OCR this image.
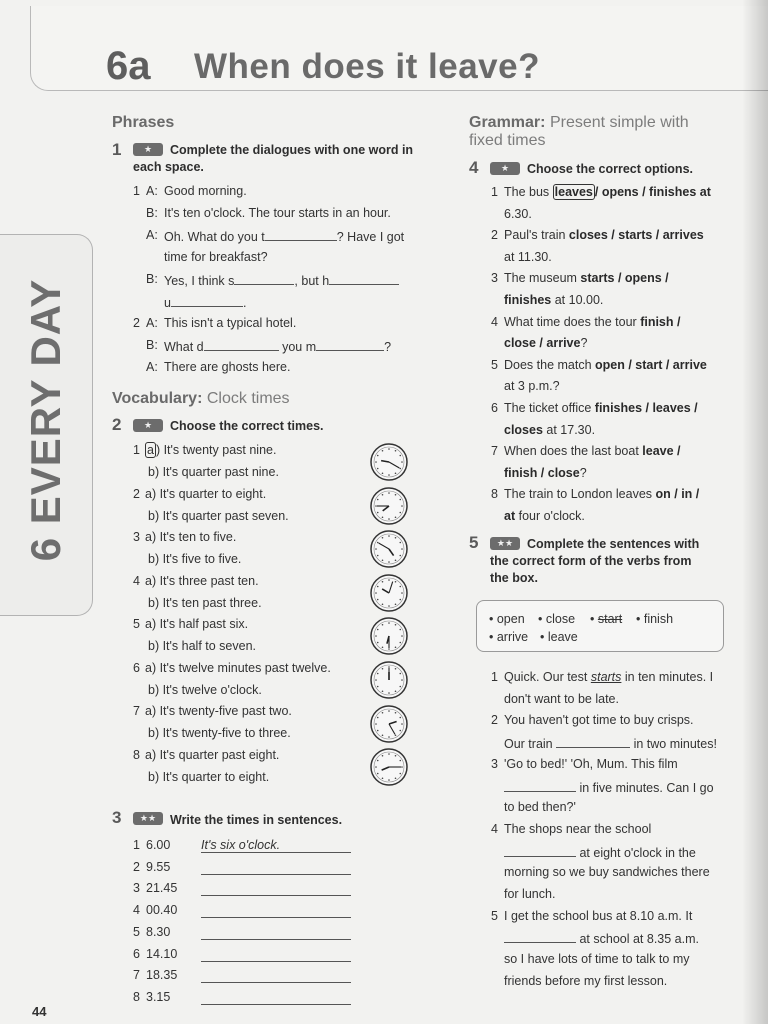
6a When does it leave?
6 EVERY DAY
44
Phrases
1	★	Complete the dialogues with one word in
each space.
1 A: Good morning.
B: It's ten o'clock. The tour starts in an hour.
A: Oh. What do you t	? Have I got
time for breakfast?
B: Yes, I think s	, but h
u	.
2 A: This isn't a typical hotel.
B: What d	you m	?
A: There are ghosts here.
Vocabulary: Clock times
2	★	Choose the correct times.
1 a ) It's twenty past nine.
b) It's quarter past nine.
2 a) It's quarter to eight.
b) It's quarter past seven.
3 a) It's ten to five.
b) It's five to five.
4 a) It's three past ten.
b) It's ten past three.
5 a) It's half past six.
b) It's half to seven.
6 a) It's twelve minutes past twelve.
b) It's twelve o'clock.
7 a) It's twenty-five past two.
b) It's twenty-five to three.
8 a) It's quarter past eight.
b) It's quarter to eight.
3	★★	Write the times in sentences.
1 6.00 It's six o'clock.
2 9.55
3 21.45
4 00.40
5 8.30
6 14.10
7 18.35
8 3.15
Grammar: Present simple with
fixed times
4	★	Choose the correct options.
1 The bus leaves / opens / finishes at
6.30.
2 Paul's train closes / starts / arrives
at 11.30.
3 The museum starts / opens /
finishes at 10.00.
4 What time does the tour finish /
close / arrive?
5 Does the match open / start / arrive
at 3 p.m.?
6 The ticket office finishes / leaves /
closes at 17.30.
7 When does the last boat leave /
finish / close?
8 The train to London leaves on / in /
at four o'clock.
5	★★	Complete the sentences with
the correct form of the verbs from
the box.
• open • close • start • finish
• arrive • leave
1 Quick. Our test starts in ten minutes. I
don't want to be late.
2 You haven't got time to buy crisps.
Our train	in two minutes!
3 'Go to bed!' 'Oh, Mum. This film
in five minutes. Can I go
to bed then?'
4 The shops near the school
at eight o'clock in the
morning so we buy sandwiches there
for lunch.
5 I get the school bus at 8.10 a.m. It
at school at 8.35 a.m.
so I have lots of time to talk to my
friends before my first lesson.
